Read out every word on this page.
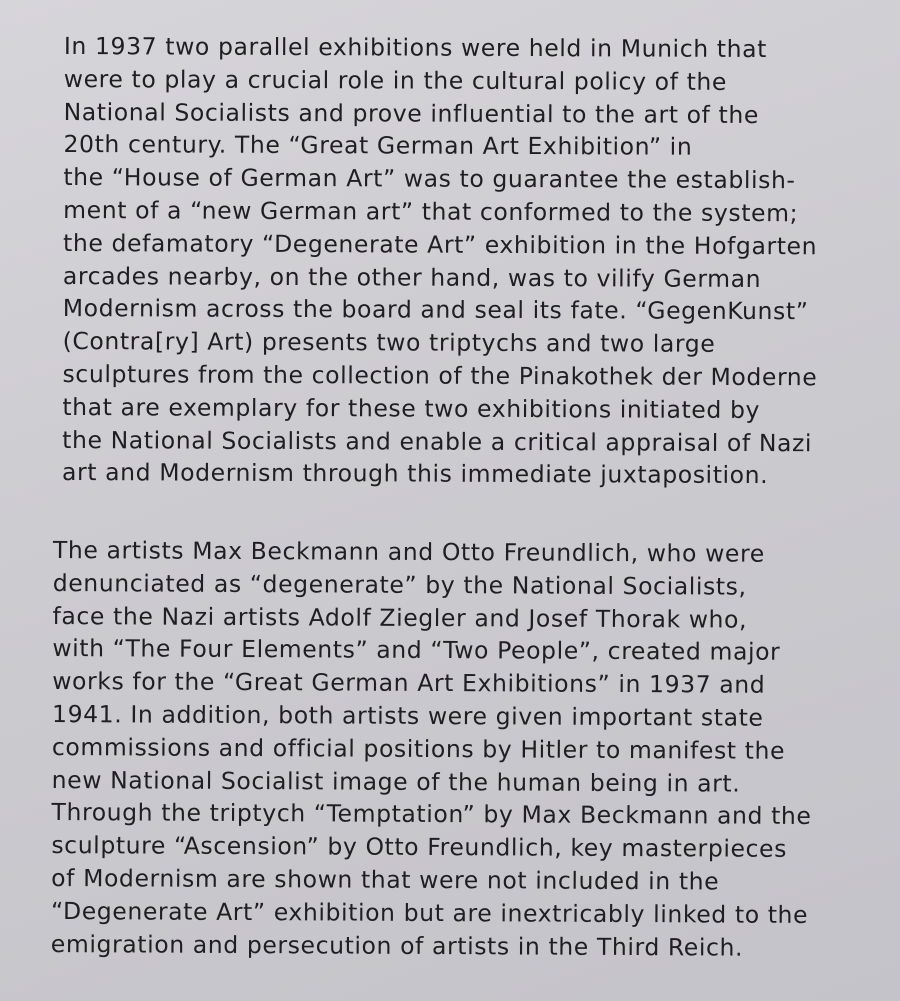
In 1937 two parallel exhibitions were held in Munich that
were to play a crucial role in the cultural policy of the
National Socialists and prove influential to the art of the
20th century. The “Great German Art Exhibition” in
the “House of German Art” was to guarantee the establish-
ment of a “new German art” that conformed to the system;
the defamatory “Degenerate Art” exhibition in the Hofgarten
arcades nearby, on the other hand, was to vilify German
Modernism across the board and seal its fate. “GegenKunst”
(Contra[ry] Art) presents two triptychs and two large
sculptures from the collection of the Pinakothek der Moderne
that are exemplary for these two exhibitions initiated by
the National Socialists and enable a critical appraisal of Nazi
art and Modernism through this immediate juxtaposition.

The artists Max Beckmann and Otto Freundlich, who were
denunciated as “degenerate” by the National Socialists,
face the Nazi artists Adolf Ziegler and Josef Thorak who,
with “The Four Elements” and “Two People”, created major
works for the “Great German Art Exhibitions” in 1937 and
1941. In addition, both artists were given important state
commissions and official positions by Hitler to manifest the
new National Socialist image of the human being in art.
Through the triptych “Temptation” by Max Beckmann and the
sculpture “Ascension” by Otto Freundlich, key masterpieces
of Modernism are shown that were not included in the
“Degenerate Art” exhibition but are inextricably linked to the
emigration and persecution of artists in the Third Reich.
